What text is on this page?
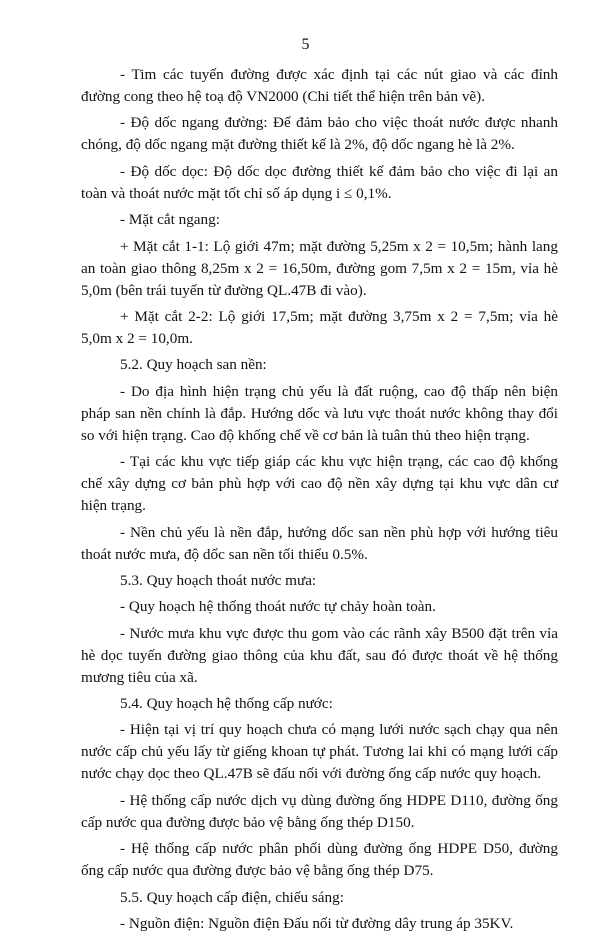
5

- Tim các tuyến đường được xác định tại các nút giao và các đỉnh đường cong theo hệ toạ độ VN2000 (Chi tiết thể hiện trên bản vẽ).

- Độ dốc ngang đường: Để đảm bảo cho việc thoát nước được nhanh chóng, độ dốc ngang mặt đường thiết kế là 2%, độ dốc ngang hè là 2%.

- Độ dốc dọc: Độ dốc dọc đường thiết kế đảm bảo cho việc đi lại an toàn và thoát nước mặt tốt chỉ số áp dụng i ≤ 0,1%.

- Mặt cắt ngang:

+ Mặt cắt 1-1: Lộ giới 47m; mặt đường 5,25m x 2 = 10,5m; hành lang an toàn giao thông 8,25m x 2 = 16,50m, đường gom 7,5m x 2 = 15m, vỉa hè 5,0m (bên trái tuyến từ đường QL.47B đi vào).

+ Mặt cắt 2-2: Lộ giới 17,5m; mặt đường 3,75m x 2 = 7,5m; vỉa hè 5,0m x 2 = 10,0m.

5.2. Quy hoạch san nền:

- Do địa hình hiện trạng chủ yếu là đất ruộng, cao độ thấp nên biện pháp san nền chính là đắp. Hướng dốc và lưu vực thoát nước không thay đổi so với hiện trạng. Cao độ khống chế về cơ bản là tuân thủ theo hiện trạng.

- Tại các khu vực tiếp giáp các khu vực hiện trạng, các cao độ khống chế xây dựng cơ bản phù hợp với cao độ nền xây dựng tại khu vực dân cư hiện trạng.

- Nền chủ yếu là nền đắp, hướng dốc san nền phù hợp với hướng tiêu thoát nước mưa, độ dốc san nền tối thiểu 0.5%.

5.3. Quy hoạch thoát nước mưa:

- Quy hoạch hệ thống thoát nước tự chảy hoàn toàn.

- Nước mưa khu vực được thu gom vào các rãnh xây B500 đặt trên vỉa hè dọc tuyến đường giao thông của khu đất, sau đó được thoát về hệ thống mương tiêu của xã.

5.4. Quy hoạch hệ thống cấp nước:

- Hiện tại vị trí quy hoạch chưa có mạng lưới nước sạch chạy qua nên nước cấp chủ yếu lấy từ giếng khoan tự phát. Tương lai khi có mạng lưới cấp nước chạy dọc theo QL.47B sẽ đấu nối với đường ống cấp nước quy hoạch.

- Hệ thống cấp nước dịch vụ dùng đường ống HDPE D110, đường ống cấp nước qua đường được bảo vệ bằng ống thép D150.

- Hệ thống cấp nước phân phối dùng đường ống HDPE D50, đường ống cấp nước qua đường được bảo vệ bằng ống thép D75.

5.5. Quy hoạch cấp điện, chiếu sáng:

- Nguồn điện: Nguồn điện Đấu nối từ đường dây trung áp 35KV.
